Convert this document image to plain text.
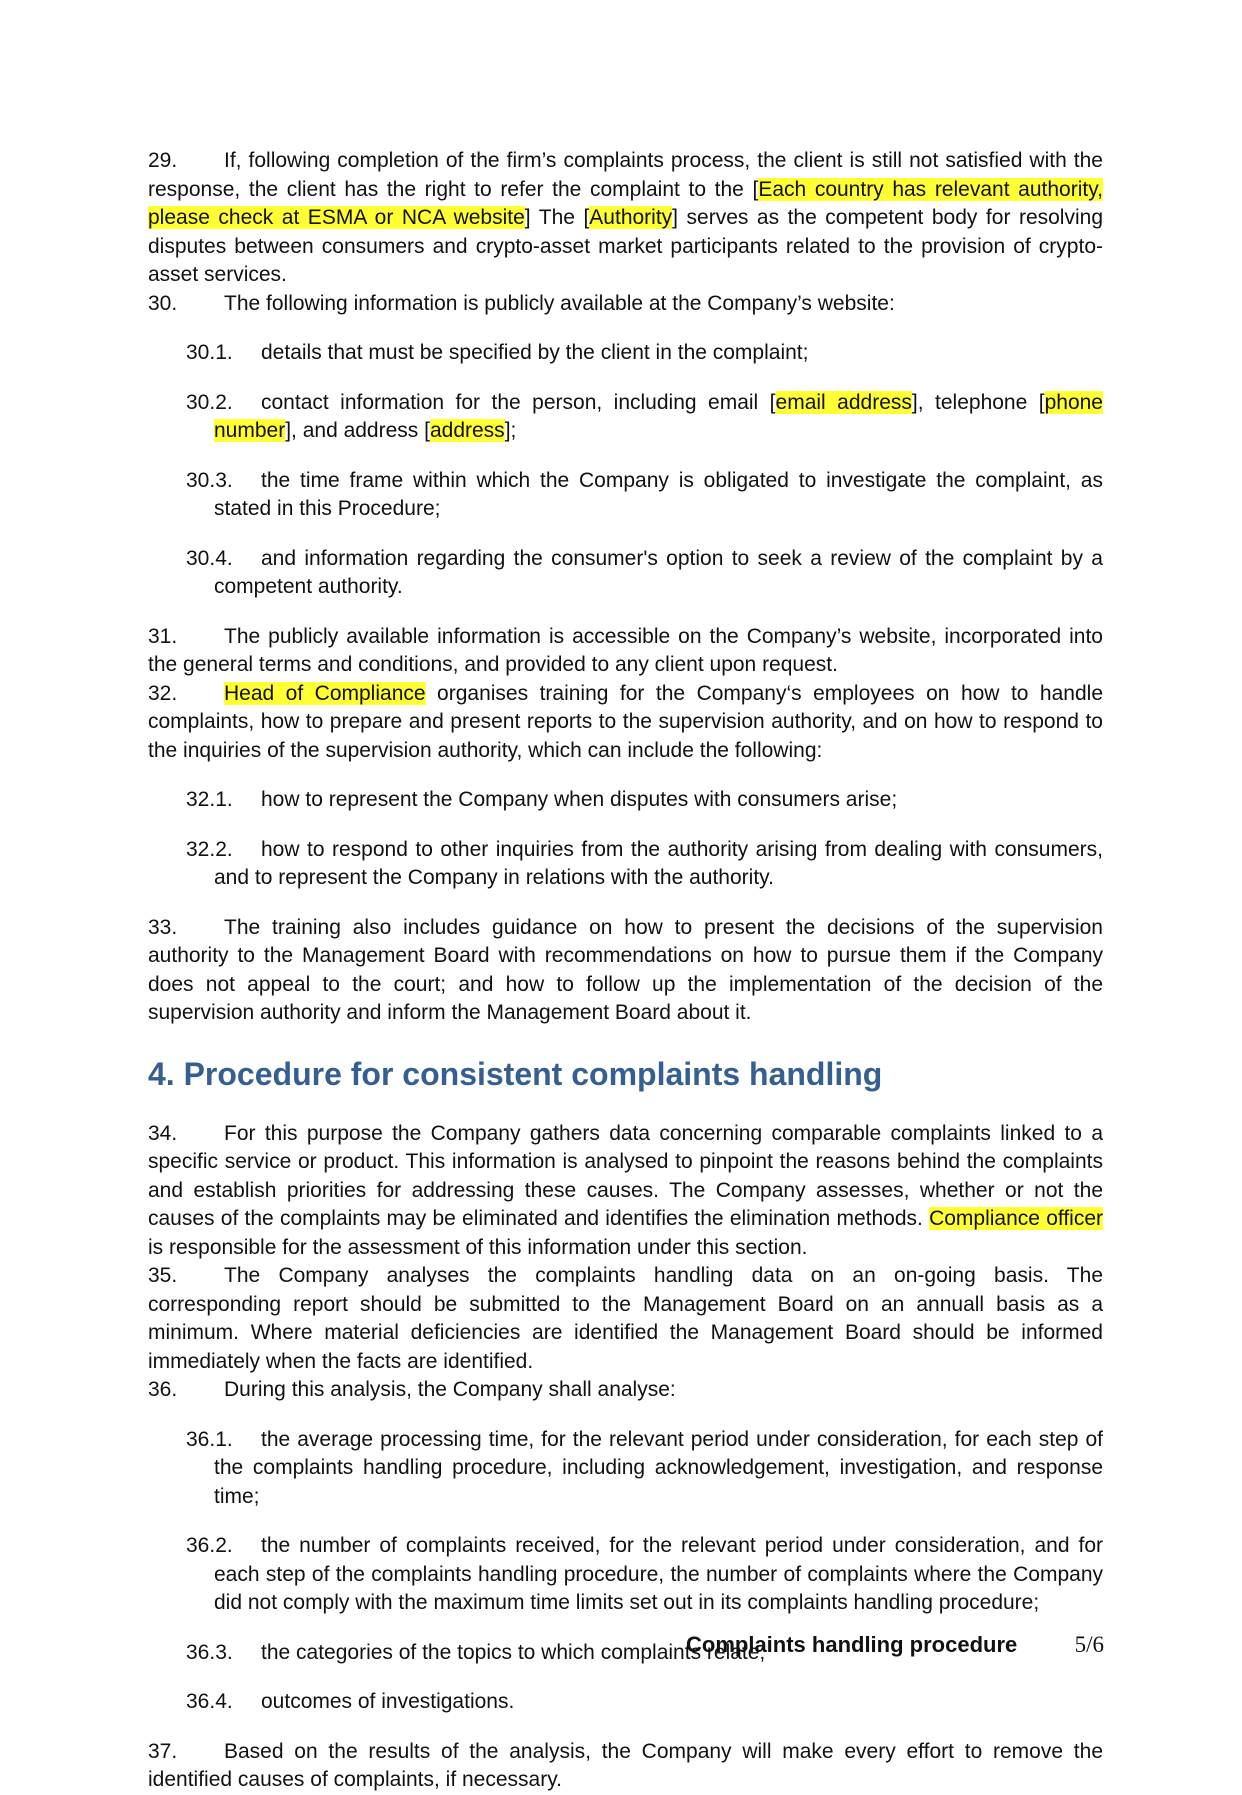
29. If, following completion of the firm’s complaints process, the client is still not satisfied with the response, the client has the right to refer the complaint to the [Each country has relevant authority, please check at ESMA or NCA website] The [Authority] serves as the competent body for resolving disputes between consumers and crypto-asset market participants related to the provision of crypto-asset services.

30. The following information is publicly available at the Company’s website:

30.1. details that must be specified by the client in the complaint;

30.2. contact information for the person, including email [email address], telephone [phone number], and address [address];

30.3. the time frame within which the Company is obligated to investigate the complaint, as stated in this Procedure;

30.4. and information regarding the consumer's option to seek a review of the complaint by a competent authority.

31. The publicly available information is accessible on the Company’s website, incorporated into the general terms and conditions, and provided to any client upon request.

32. Head of Compliance organises training for the Company‘s employees on how to handle complaints, how to prepare and present reports to the supervision authority, and on how to respond to the inquiries of the supervision authority, which can include the following:

32.1. how to represent the Company when disputes with consumers arise;

32.2. how to respond to other inquiries from the authority arising from dealing with consumers, and to represent the Company in relations with the authority.

33. The training also includes guidance on how to present the decisions of the supervision authority to the Management Board with recommendations on how to pursue them if the Company does not appeal to the court; and how to follow up the implementation of the decision of the supervision authority and inform the Management Board about it.

4. Procedure for consistent complaints handling

34. For this purpose the Company gathers data concerning comparable complaints linked to a specific service or product. This information is analysed to pinpoint the reasons behind the complaints and establish priorities for addressing these causes. The Company assesses, whether or not the causes of the complaints may be eliminated and identifies the elimination methods. Compliance officer is responsible for the assessment of this information under this section.

35. The Company analyses the complaints handling data on an on-going basis. The corresponding report should be submitted to the Management Board on an annuall basis as a minimum. Where material deficiencies are identified the Management Board should be informed immediately when the facts are identified.

36. During this analysis, the Company shall analyse:

36.1. the average processing time, for the relevant period under consideration, for each step of the complaints handling procedure, including acknowledgement, investigation, and response time;

36.2. the number of complaints received, for the relevant period under consideration, and for each step of the complaints handling procedure, the number of complaints where the Company did not comply with the maximum time limits set out in its complaints handling procedure;

36.3. the categories of the topics to which complaints relate;

36.4. outcomes of investigations.

37. Based on the results of the analysis, the Company will make every effort to remove the identified causes of complaints, if necessary.

Complaints handling procedure 5/6
